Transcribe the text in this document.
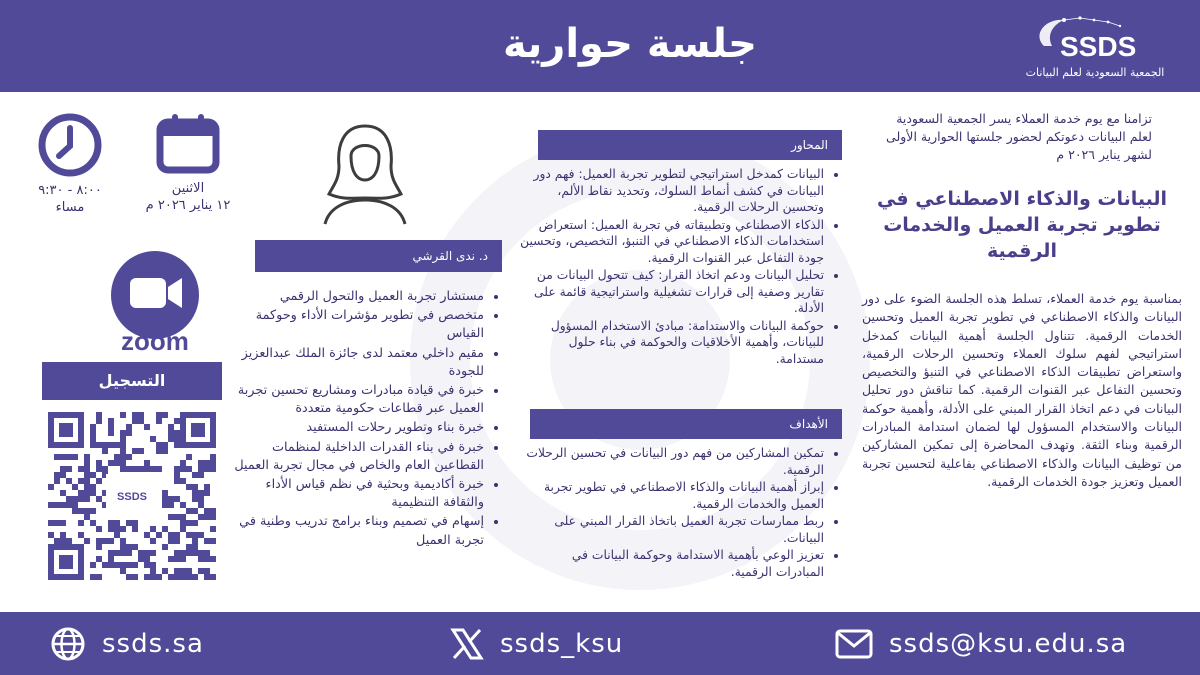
جلسة حوارية	SSDS
الجمعية السعودية لعلم البيانات
تزامنا مع يوم خدمة العملاء يسر الجمعية السعودية لعلم البيانات دعوتكم لحضور جلستها الحوارية الأولى لشهر يناير ٢٠٢٦ م
البيانات والذكاء الاصطناعي في تطوير تجربة العميل والخدمات الرقمية
بمناسبة يوم خدمة العملاء، تسلط هذه الجلسة الضوء على دور البيانات والذكاء الاصطناعي في تطوير تجربة العميل وتحسين الخدمات الرقمية. تتناول الجلسة أهمية البيانات كمدخل استراتيجي لفهم سلوك العملاء وتحسين الرحلات الرقمية، واستعراض تطبيقات الذكاء الاصطناعي في التنبؤ والتخصيص وتحسين التفاعل عبر القنوات الرقمية. كما تناقش دور تحليل البيانات في دعم اتخاذ القرار المبني على الأدلة، وأهمية حوكمة البيانات والاستخدام المسؤول لها لضمان استدامة المبادرات الرقمية وبناء الثقة. وتهدف المحاضرة إلى تمكين المشاركين من توظيف البيانات والذكاء الاصطناعي بفاعلية لتحسين تجربة العميل وتعزيز جودة الخدمات الرقمية.
المحاور
• البيانات كمدخل استراتيجي لتطوير تجربة العميل: فهم دور البيانات في كشف أنماط السلوك، وتحديد نقاط الألم، وتحسين الرحلات الرقمية.
• الذكاء الاصطناعي وتطبيقاته في تجربة العميل: استعراض استخدامات الذكاء الاصطناعي في التنبؤ، التخصيص، وتحسين جودة التفاعل عبر القنوات الرقمية.
• تحليل البيانات ودعم اتخاذ القرار: كيف تتحول البيانات من تقارير وصفية إلى قرارات تشغيلية واستراتيجية قائمة على الأدلة.
• حوكمة البيانات والاستدامة: مبادئ الاستخدام المسؤول للبيانات، وأهمية الأخلاقيات والحوكمة في بناء حلول مستدامة.
الأهداف
• تمكين المشاركين من فهم دور البيانات في تحسين الرحلات الرقمية.
• إبراز أهمية البيانات والذكاء الاصطناعي في تطوير تجربة العميل والخدمات الرقمية.
• ربط ممارسات تجربة العميل باتخاذ القرار المبني على البيانات.
• تعزيز الوعي بأهمية الاستدامة وحوكمة البيانات في المبادرات الرقمية.
د. ندى القرشي
• مستشار تجربة العميل والتحول الرقمي
• متخصص في تطوير مؤشرات الأداء وحوكمة القياس
• مقيم داخلي معتمد لدى جائزة الملك عبدالعزيز للجودة
• خبرة في قيادة مبادرات ومشاريع تحسين تجربة العميل عبر قطاعات حكومية متعددة
• خبرة بناء وتطوير رحلات المستفيد
• خبرة في بناء القدرات الداخلية لمنظمات القطاعين العام والخاص في مجال تجربة العميل
• خبرة أكاديمية وبحثية في نظم قياس الأداء والثقافة التنظيمية
• إسهام في تصميم وبناء برامج تدريب وطنية في تجربة العميل
الاثنين
١٢ يناير ٢٠٢٦ م
٨:٠٠ - ٩:٣٠
مساء
zoom
التسجيل
SSDS
ssds.sa	ssds_ksu	ssds@ksu.edu.sa
